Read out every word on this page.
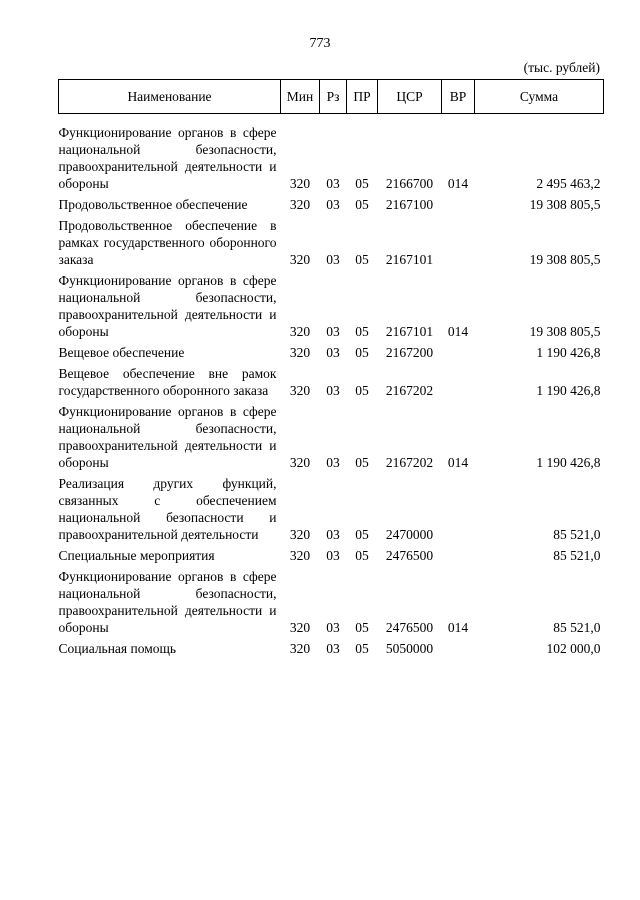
773
(тыс. рублей)
Наименование	Мин	Рз	ПР	ЦСР	ВР	Сумма

Функционирование органов в сфере национальной безопасности, правоохранительной деятельности и обороны	320	03	05	2166700	014	2 495 463,2

Продовольственное обеспечение	320	03	05	2167100		19 308 805,5

Продовольственное обеспечение в рамках государственного оборонного заказа	320	03	05	2167101		19 308 805,5

Функционирование органов в сфере национальной безопасности, правоохранительной деятельности и обороны	320	03	05	2167101	014	19 308 805,5

Вещевое обеспечение	320	03	05	2167200		1 190 426,8

Вещевое обеспечение вне рамок государственного оборонного заказа	320	03	05	2167202		1 190 426,8

Функционирование органов в сфере национальной безопасности, правоохранительной деятельности и обороны	320	03	05	2167202	014	1 190 426,8

Реализация других функций, связанных с обеспечением национальной безопасности и правоохранительной деятельности	320	03	05	2470000		85 521,0

Специальные мероприятия	320	03	05	2476500		85 521,0

Функционирование органов в сфере национальной безопасности, правоохранительной деятельности и обороны	320	03	05	2476500	014	85 521,0

Социальная помощь	320	03	05	5050000		102 000,0
